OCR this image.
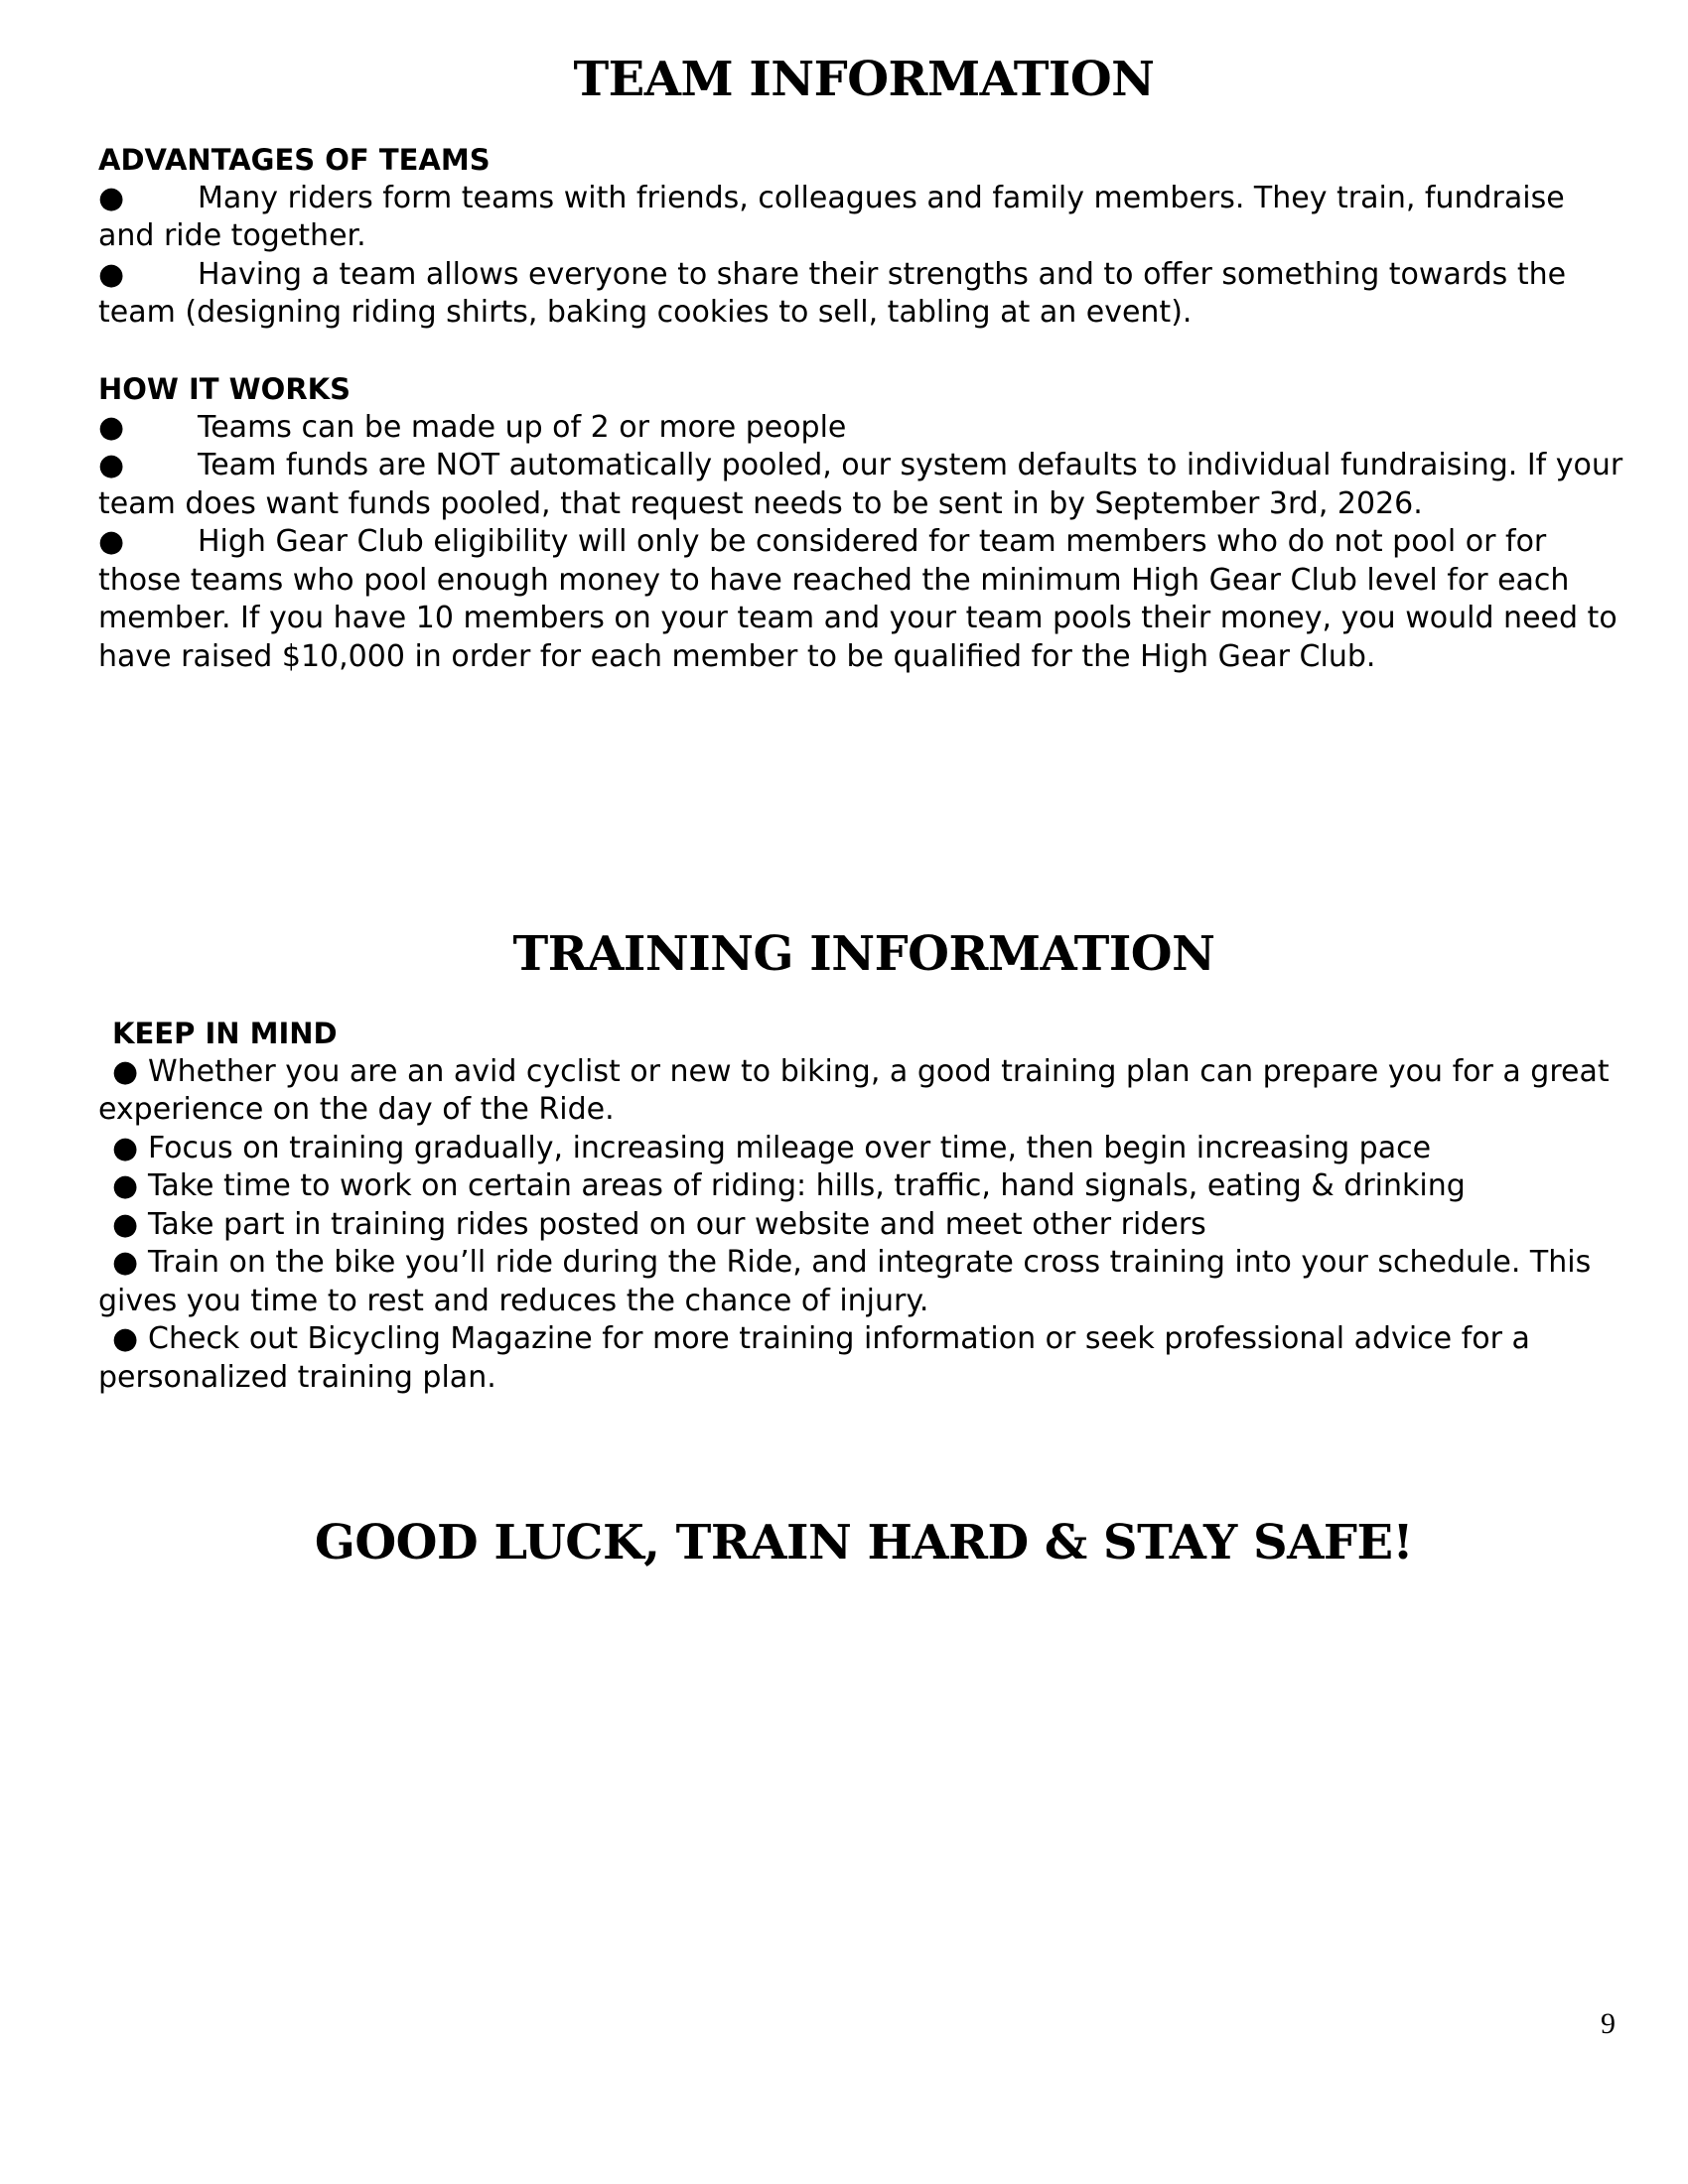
TEAM INFORMATION
ADVANTAGES OF TEAMS

● Many riders form teams with friends, colleagues and family members. They train, fundraise and ride together.

● Having a team allows everyone to share their strengths and to offer something towards the team (designing riding shirts, baking cookies to sell, tabling at an event).

HOW IT WORKS

● Teams can be made up of 2 or more people

● Team funds are NOT automatically pooled, our system defaults to individual fundraising. If your team does want funds pooled, that request needs to be sent in by September 3rd, 2026.

● High Gear Club eligibility will only be considered for team members who do not pool or for those teams who pool enough money to have reached the minimum High Gear Club level for each member. If you have 10 members on your team and your team pools their money, you would need to have raised $10,000 in order for each member to be qualified for the High Gear Club.

TRAINING INFORMATION
KEEP IN MIND

● Whether you are an avid cyclist or new to biking, a good training plan can prepare you for a great experience on the day of the Ride.

● Focus on training gradually, increasing mileage over time, then begin increasing pace

● Take time to work on certain areas of riding: hills, traffic, hand signals, eating & drinking

● Take part in training rides posted on our website and meet other riders

● Train on the bike you’ll ride during the Ride, and integrate cross training into your schedule. This gives you time to rest and reduces the chance of injury.

● Check out Bicycling Magazine for more training information or seek professional advice for a personalized training plan.

GOOD LUCK, TRAIN HARD & STAY SAFE!
9
